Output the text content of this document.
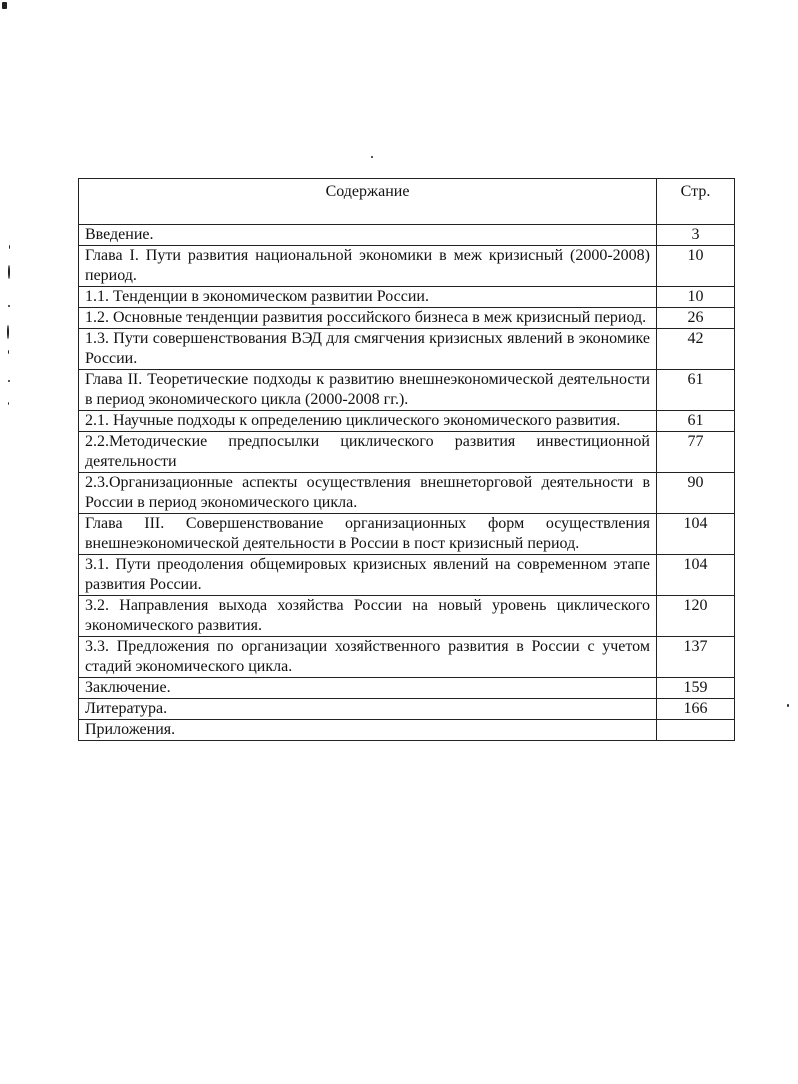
Содержание	Стр.
Введение.	3
Глава I. Пути развития национальной экономики в меж кризисный (2000-2008) период.	10
1.1. Тенденции в экономическом развитии России.	10
1.2. Основные тенденции развития российского бизнеса в меж кризисный период.	26
1.3. Пути совершенствования ВЭД для смягчения кризисных явлений в экономике России.	42
Глава II. Теоретические подходы к развитию внешнеэкономической деятельности в период экономического цикла (2000-2008 гг.).	61
2.1. Научные подходы к определению циклического экономического развития.	61
2.2.Методические предпосылки циклического развития инвестиционной деятельности	77
2.3.Организационные аспекты осуществления внешнеторговой деятельности в России в период экономического цикла.	90
Глава III. Совершенствование организационных форм осуществления внешнеэкономической деятельности в России в пост кризисный период.	104
3.1. Пути преодоления общемировых кризисных явлений на современном этапе развития России.	104
3.2. Направления выхода хозяйства России на новый уровень циклического экономического развития.	120
3.3. Предложения по организации хозяйственного развития в России с учетом стадий экономического цикла.	137
Заключение.	159
Литература.	166
Приложения.	
